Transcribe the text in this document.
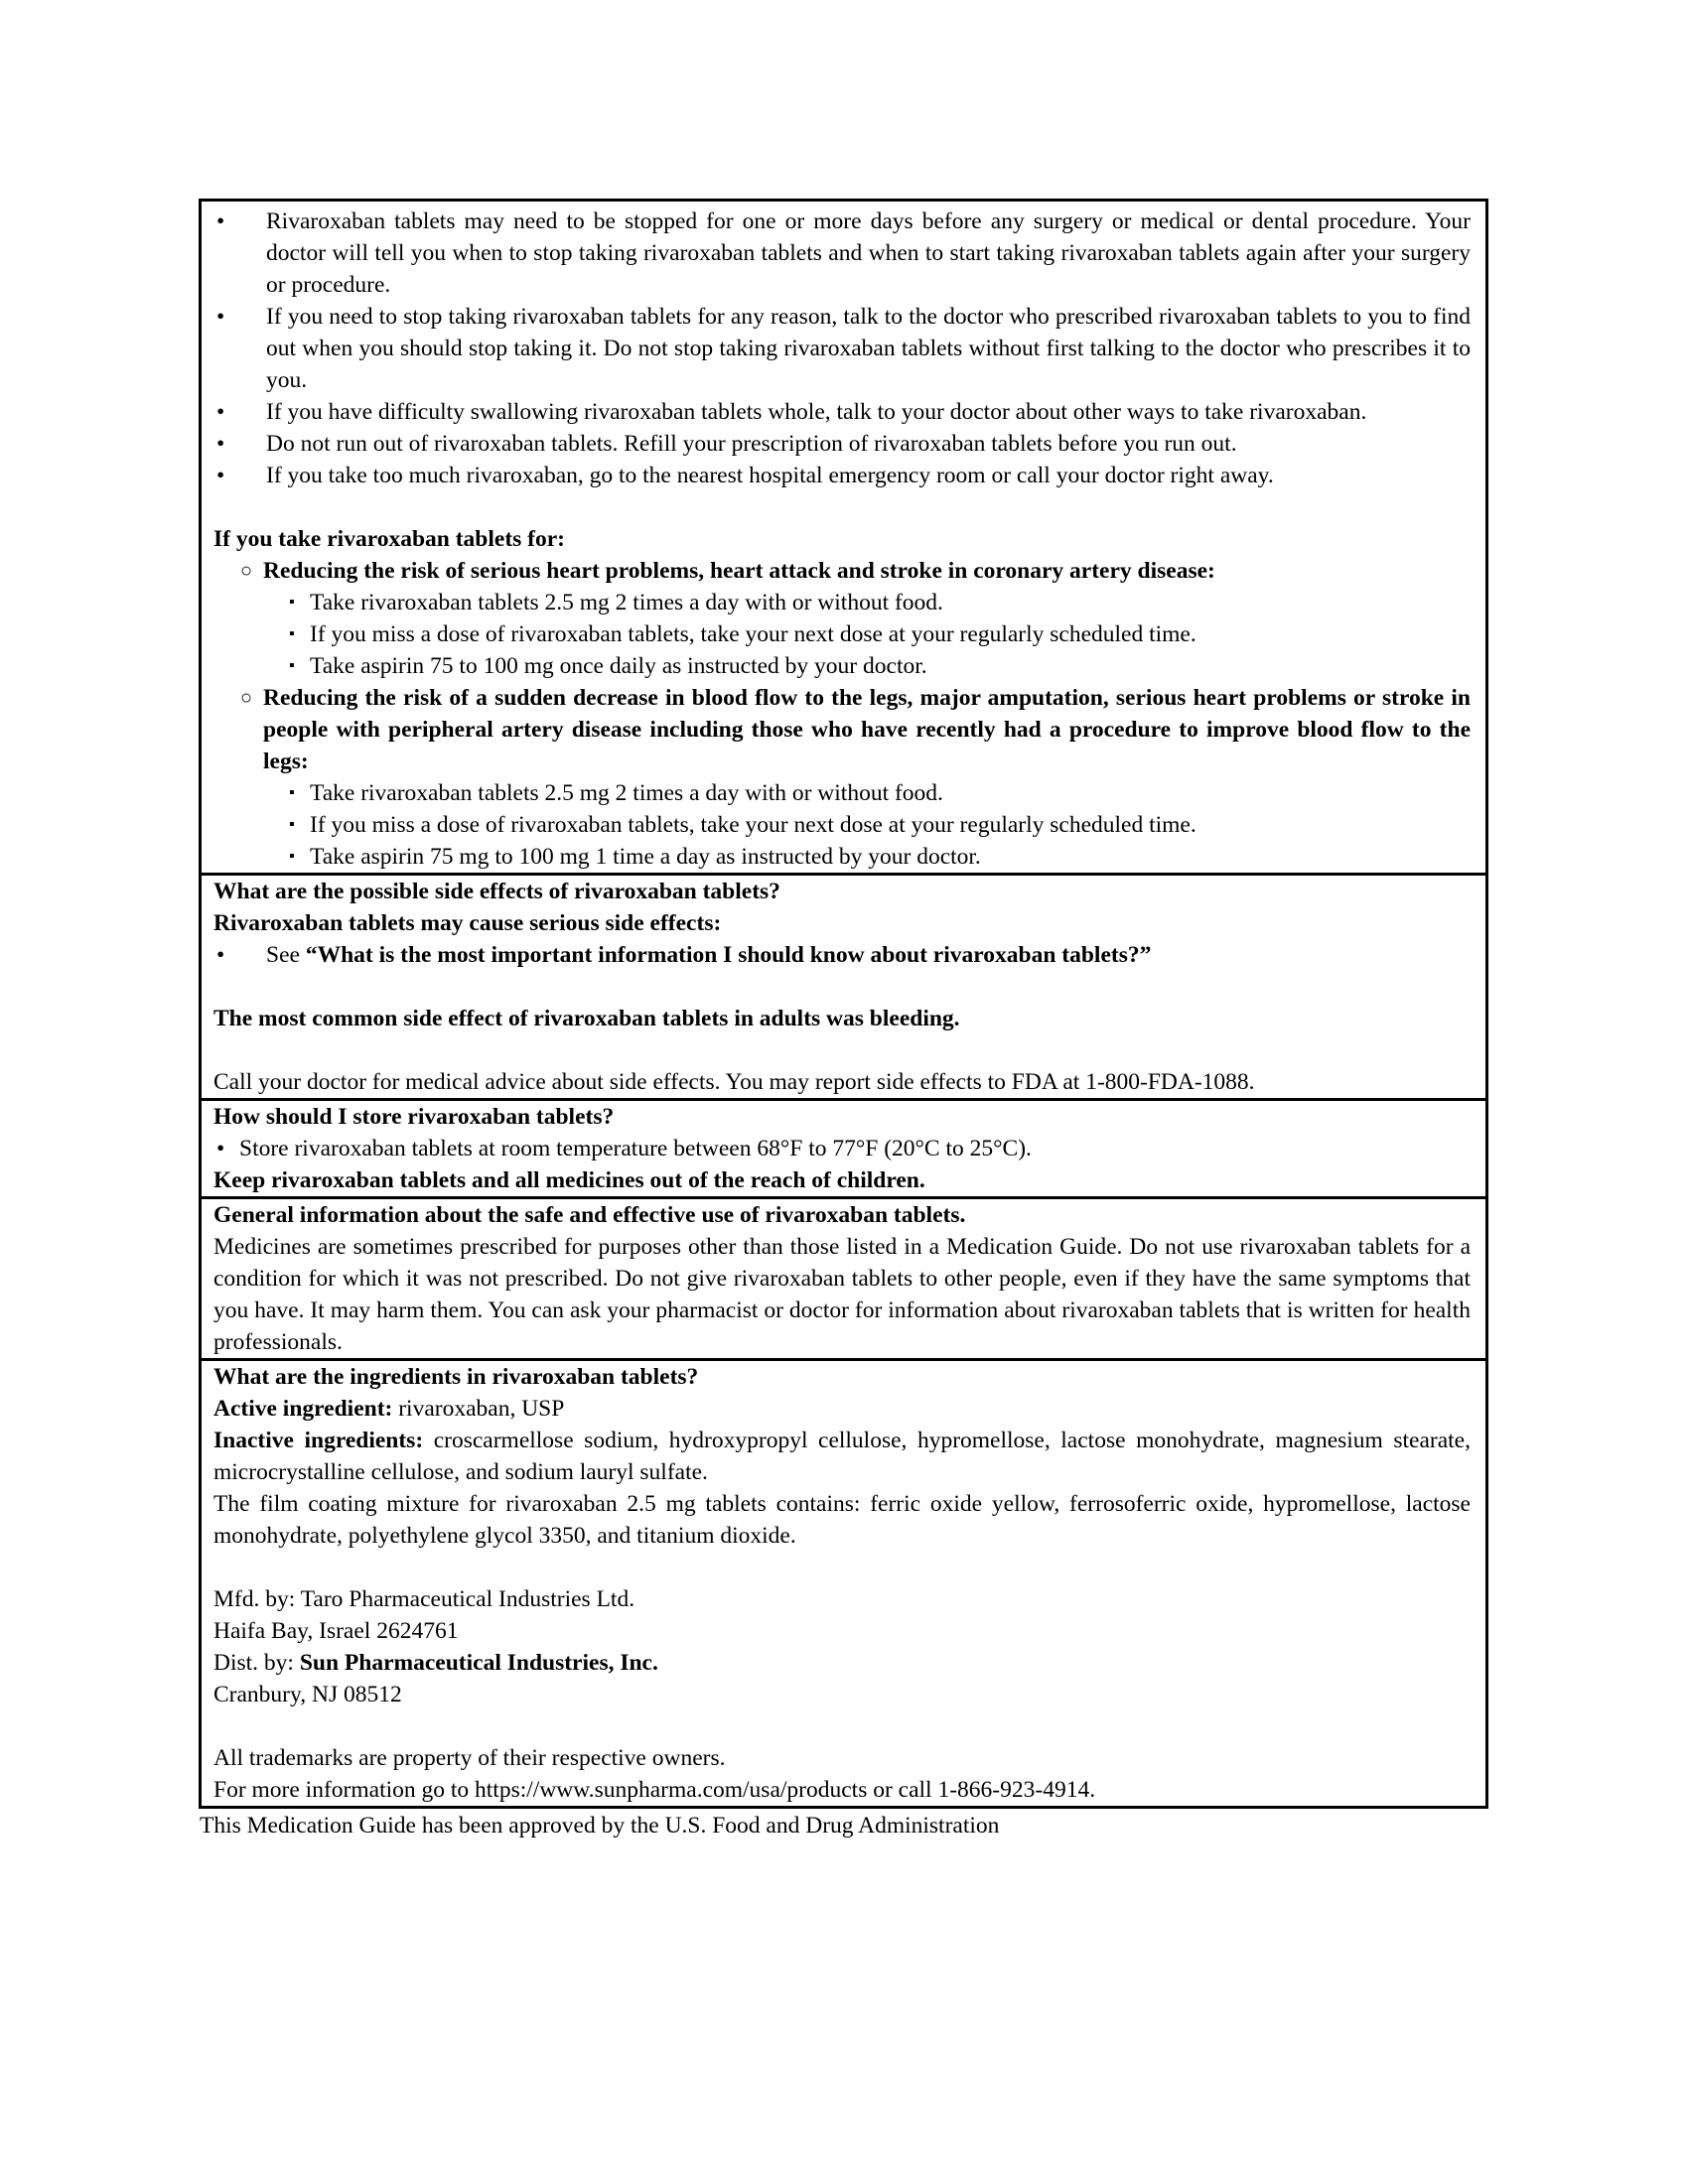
• Rivaroxaban tablets may need to be stopped for one or more days before any surgery or medical or dental procedure. Your doctor will tell you when to stop taking rivaroxaban tablets and when to start taking rivaroxaban tablets again after your surgery or procedure.
• If you need to stop taking rivaroxaban tablets for any reason, talk to the doctor who prescribed rivaroxaban tablets to you to find out when you should stop taking it. Do not stop taking rivaroxaban tablets without first talking to the doctor who prescribes it to you.
• If you have difficulty swallowing rivaroxaban tablets whole, talk to your doctor about other ways to take rivaroxaban.
• Do not run out of rivaroxaban tablets. Refill your prescription of rivaroxaban tablets before you run out.
• If you take too much rivaroxaban, go to the nearest hospital emergency room or call your doctor right away.
If you take rivaroxaban tablets for:
○ Reducing the risk of serious heart problems, heart attack and stroke in coronary artery disease:
▪ Take rivaroxaban tablets 2.5 mg 2 times a day with or without food.
▪ If you miss a dose of rivaroxaban tablets, take your next dose at your regularly scheduled time.
▪ Take aspirin 75 to 100 mg once daily as instructed by your doctor.
○ Reducing the risk of a sudden decrease in blood flow to the legs, major amputation, serious heart problems or stroke in people with peripheral artery disease including those who have recently had a procedure to improve blood flow to the legs:
▪ Take rivaroxaban tablets 2.5 mg 2 times a day with or without food.
▪ If you miss a dose of rivaroxaban tablets, take your next dose at your regularly scheduled time.
▪ Take aspirin 75 mg to 100 mg 1 time a day as instructed by your doctor.
What are the possible side effects of rivaroxaban tablets?
Rivaroxaban tablets may cause serious side effects:
• See “What is the most important information I should know about rivaroxaban tablets?”
The most common side effect of rivaroxaban tablets in adults was bleeding.
Call your doctor for medical advice about side effects. You may report side effects to FDA at 1-800-FDA-1088.
How should I store rivaroxaban tablets?
• Store rivaroxaban tablets at room temperature between 68°F to 77°F (20°C to 25°C).
Keep rivaroxaban tablets and all medicines out of the reach of children.
General information about the safe and effective use of rivaroxaban tablets.
Medicines are sometimes prescribed for purposes other than those listed in a Medication Guide. Do not use rivaroxaban tablets for a condition for which it was not prescribed. Do not give rivaroxaban tablets to other people, even if they have the same symptoms that you have. It may harm them. You can ask your pharmacist or doctor for information about rivaroxaban tablets that is written for health professionals.
What are the ingredients in rivaroxaban tablets?
Active ingredient: rivaroxaban, USP
Inactive ingredients: croscarmellose sodium, hydroxypropyl cellulose, hypromellose, lactose monohydrate, magnesium stearate, microcrystalline cellulose, and sodium lauryl sulfate.
The film coating mixture for rivaroxaban 2.5 mg tablets contains: ferric oxide yellow, ferrosoferric oxide, hypromellose, lactose monohydrate, polyethylene glycol 3350, and titanium dioxide.
Mfd. by: Taro Pharmaceutical Industries Ltd.
Haifa Bay, Israel 2624761
Dist. by: Sun Pharmaceutical Industries, Inc.
Cranbury, NJ 08512
All trademarks are property of their respective owners.
For more information go to https://www.sunpharma.com/usa/products or call 1-866-923-4914.
This Medication Guide has been approved by the U.S. Food and Drug Administration
